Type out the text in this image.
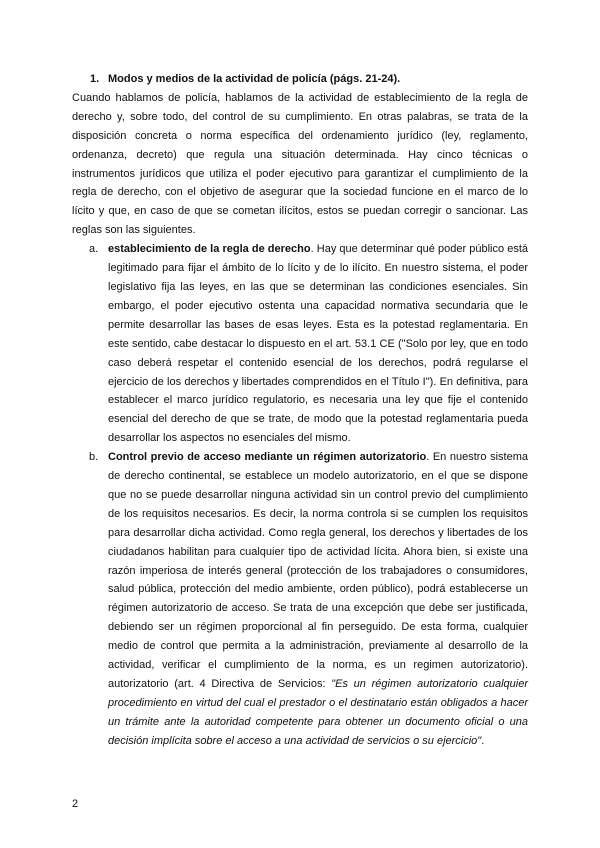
1. Modos y medios de la actividad de policía (págs. 21-24).

Cuando hablamos de policía, hablamos de la actividad de establecimiento de la regla de derecho y, sobre todo, del control de su cumplimiento. En otras palabras, se trata de la disposición concreta o norma específica del ordenamiento jurídico (ley, reglamento, ordenanza, decreto) que regula una situación determinada. Hay cinco técnicas o instrumentos jurídicos que utiliza el poder ejecutivo para garantizar el cumplimiento de la regla de derecho, con el objetivo de asegurar que la sociedad funcione en el marco de lo lícito y que, en caso de que se cometan ilícitos, estos se puedan corregir o sancionar. Las reglas son las siguientes.

a. establecimiento de la regla de derecho. Hay que determinar qué poder público está legitimado para fijar el ámbito de lo lícito y de lo ilícito. En nuestro sistema, el poder legislativo fija las leyes, en las que se determinan las condiciones esenciales. Sin embargo, el poder ejecutivo ostenta una capacidad normativa secundaria que le permite desarrollar las bases de esas leyes. Esta es la potestad reglamentaria. En este sentido, cabe destacar lo dispuesto en el art. 53.1 CE ("Solo por ley, que en todo caso deberá respetar el contenido esencial de los derechos, podrá regularse el ejercicio de los derechos y libertades comprendidos en el Título I"). En definitiva, para establecer el marco jurídico regulatorio, es necesaria una ley que fije el contenido esencial del derecho de que se trate, de modo que la potestad reglamentaria pueda desarrollar los aspectos no esenciales del mismo.
b. Control previo de acceso mediante un régimen autorizatorio. En nuestro sistema de derecho continental, se establece un modelo autorizatorio, en el que se dispone que no se puede desarrollar ninguna actividad sin un control previo del cumplimiento de los requisitos necesarios. Es decir, la norma controla si se cumplen los requisitos para desarrollar dicha actividad. Como regla general, los derechos y libertades de los ciudadanos habilitan para cualquier tipo de actividad lícita. Ahora bien, si existe una razón imperiosa de interés general (protección de los trabajadores o consumidores, salud pública, protección del medio ambiente, orden público), podrá establecerse un régimen autorizatorio de acceso. Se trata de una excepción que debe ser justificada, debiendo ser un régimen proporcional al fin perseguido. De esta forma, cualquier medio de control que permita a la administración, previamente al desarrollo de la actividad, verificar el cumplimiento de la norma, es un regimen autorizatorio). autorizatorio (art. 4 Directiva de Servicios: "Es un régimen autorizatorio cualquier procedimiento en virtud del cual el prestador o el destinatario están obligados a hacer un trámite ante la autoridad competente para obtener un documento oficial o una decisión implícita sobre el acceso a una actividad de servicios o su ejercicio".
2
